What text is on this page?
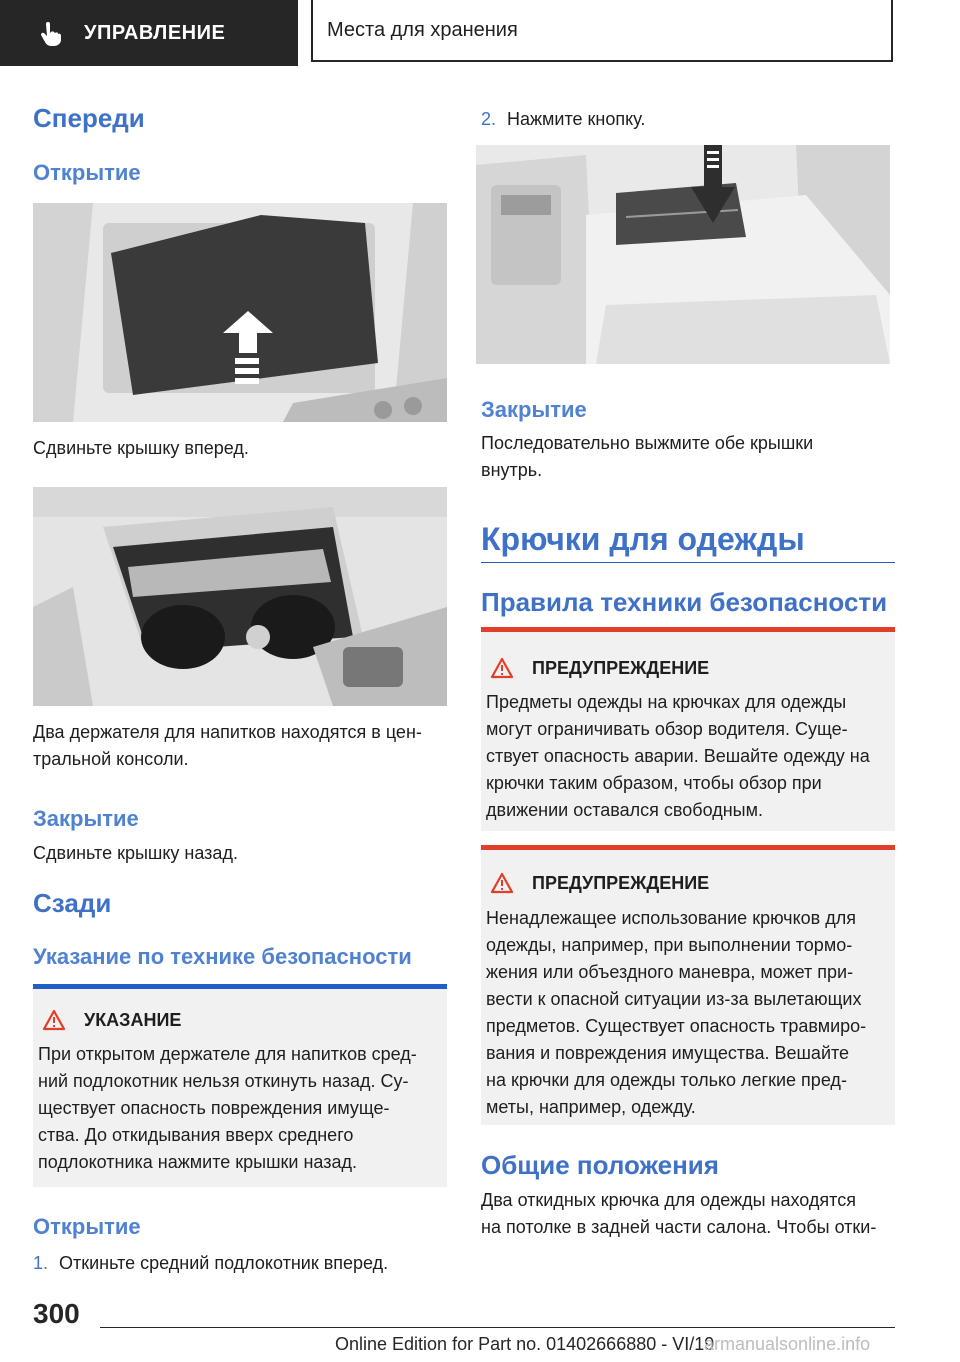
УПРАВЛЕНИЕ	Места для хранения
Спереди
Открытие
Сдвиньте крышку вперед.
Два держателя для напитков находятся в цен-
тральной консоли.
Закрытие
Сдвиньте крышку назад.
Сзади
Указание по технике безопасности
УКАЗАНИЕ
При открытом держателе для напитков сред-
ний подлокотник нельзя откинуть назад. Су-
ществует опасность повреждения имуще-
ства. До откидывания вверх среднего
подлокотника нажмите крышки назад.
Открытие
1. Откиньте средний подлокотник вперед.
2. Нажмите кнопку.
Закрытие
Последовательно выжмите обе крышки
внутрь.
Крючки для одежды
Правила техники безопасности
ПРЕДУПРЕЖДЕНИЕ
Предметы одежды на крючках для одежды
могут ограничивать обзор водителя. Суще-
ствует опасность аварии. Вешайте одежду на
крючки таким образом, чтобы обзор при
движении оставался свободным.
ПРЕДУПРЕЖДЕНИЕ
Ненадлежащее использование крючков для
одежды, например, при выполнении тормо-
жения или объездного маневра, может при-
вести к опасной ситуации из-за вылетающих
предметов. Существует опасность травмиро-
вания и повреждения имущества. Вешайте
на крючки для одежды только легкие пред-
меты, например, одежду.
Общие положения
Два откидных крючка для одежды находятся
на потолке в задней части салона. Чтобы отки-
300
Online Edition for Part no. 01402666880 - VI/19
armanualsonline.info
